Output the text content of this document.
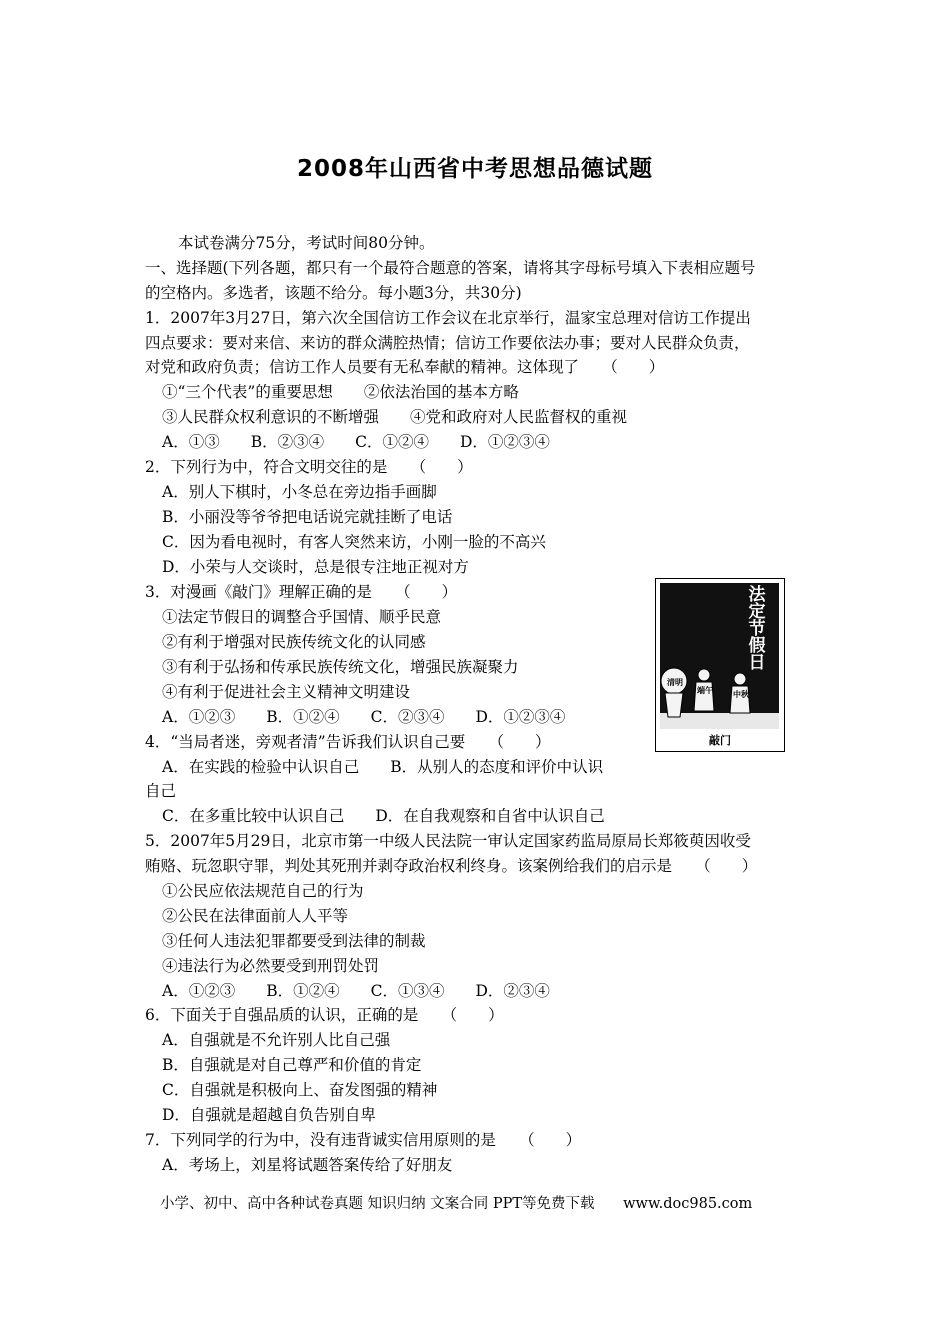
2008年山西省中考思想品德试题
本试卷满分75分，考试时间80分钟。
一、选择题(下列各题，都只有一个最符合题意的答案，请将其字母标号填入下表相应题号
的空格内。多选者，该题不给分。每小题3分，共30分)
1．2007年3月27日，第六次全国信访工作会议在北京举行，温家宝总理对信访工作提出
四点要求：要对来信、来访的群众满腔热情；信访工作要依法办事；要对人民群众负责，
对党和政府负责；信访工作人员要有无私奉献的精神。这体现了　　（　　）
①“三个代表”的重要思想　　②依法治国的基本方略
③人民群众权利意识的不断增强　　④党和政府对人民监督权的重视
A．①③　　B．②③④　　C．①②④　　D．①②③④
2．下列行为中，符合文明交往的是　　（　　）
A．别人下棋时，小冬总在旁边指手画脚
B．小丽没等爷爷把电话说完就挂断了电话
C．因为看电视时，有客人突然来访，小刚一脸的不高兴
D．小荣与人交谈时，总是很专注地正视对方
3．对漫画《敲门》理解正确的是　　（　　）
①法定节假日的调整合乎国情、顺乎民意
②有利于增强对民族传统文化的认同感
③有利于弘扬和传承民族传统文化，增强民族凝聚力
④有利于促进社会主义精神文明建设
A．①②③　　B．①②④　　C．②③④　　D．①②③④
法定节假日
清明
端午	中秋
敲门
4．“当局者迷，旁观者清”告诉我们认识自己要　　（　　）
A．在实践的检验中认识自己　　B．从别人的态度和评价中认识
自己
C．在多重比较中认识自己　　D．在自我观察和自省中认识自己
5．2007年5月29日，北京市第一中级人民法院一审认定国家药监局原局长郑筱萸因收受
贿赂、玩忽职守罪，判处其死刑并剥夺政治权利终身。该案例给我们的启示是　　（　　）
①公民应依法规范自己的行为
②公民在法律面前人人平等
③任何人违法犯罪都要受到法律的制裁
④违法行为必然要受到刑罚处罚
A．①②③　　B．①②④　　C．①③④　　D．②③④
6．下面关于自强品质的认识，正确的是　　（　　）
A．自强就是不允许别人比自己强
B．自强就是对自己尊严和价值的肯定
C．自强就是积极向上、奋发图强的精神
D．自强就是超越自负告别自卑
7．下列同学的行为中，没有违背诚实信用原则的是　　（　　）
A．考场上，刘星将试题答案传给了好朋友
小学、初中、高中各种试卷真题 知识归纳 文案合同 PPT等免费下载 www.doc985.com
